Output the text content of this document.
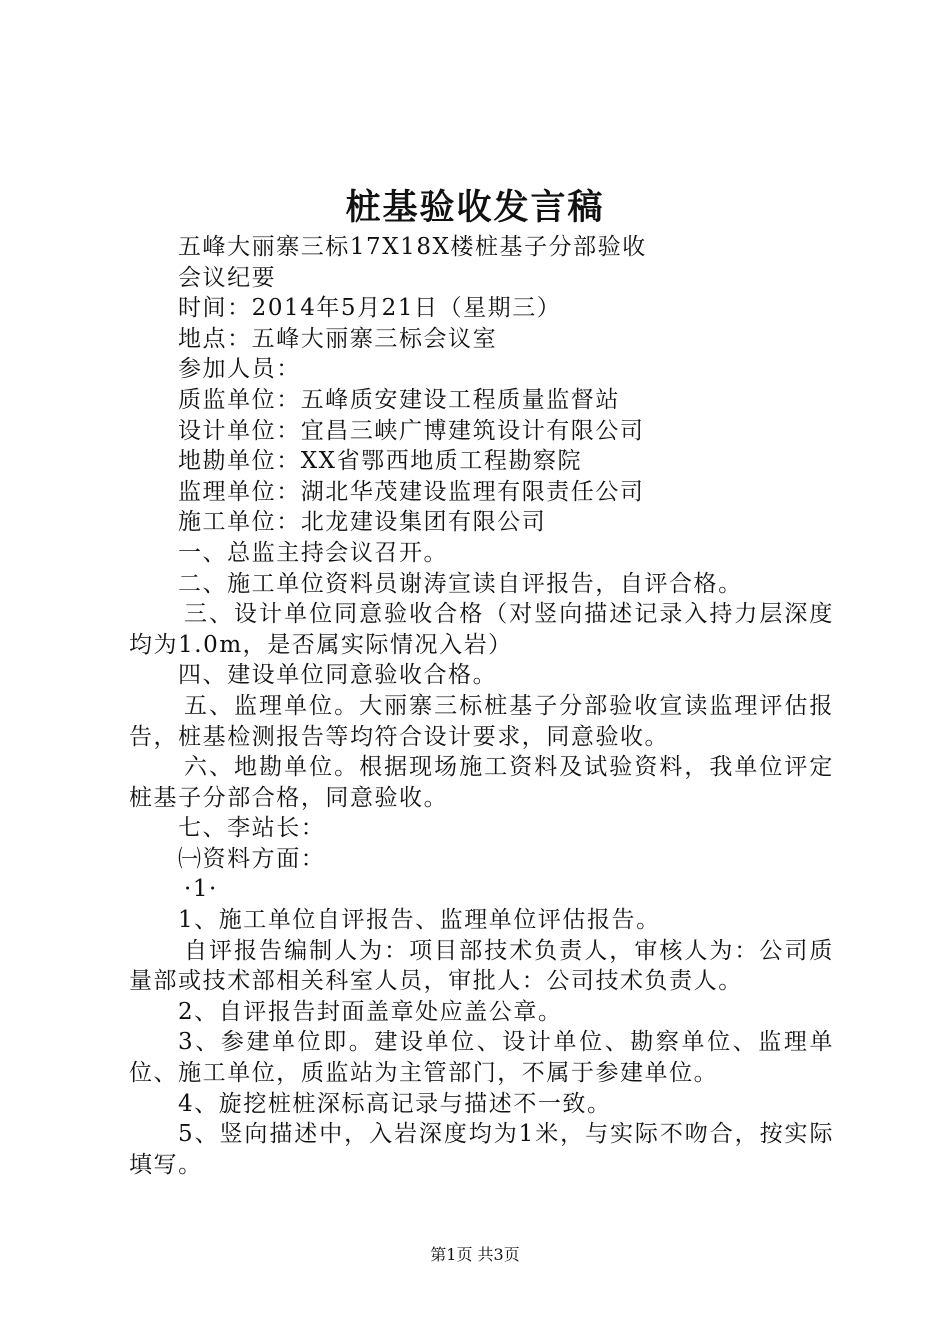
桩基验收发言稿

五峰大丽寨三标17X18X楼桩基子分部验收

会议纪要

时间：2014年5月21日（星期三）

地点：五峰大丽寨三标会议室

参加人员：

质监单位：五峰质安建设工程质量监督站

设计单位：宜昌三峡广博建筑设计有限公司

地勘单位：XX省鄂西地质工程勘察院

监理单位：湖北华茂建设监理有限责任公司

施工单位：北龙建设集团有限公司

一、总监主持会议召开。

二、施工单位资料员谢涛宣读自评报告，自评合格。

三、设计单位同意验收合格（对竖向描述记录入持力层深度均为1.0m，是否属实际情况入岩）

四、建设单位同意验收合格。

五、监理单位。大丽寨三标桩基子分部验收宣读监理评估报告，桩基检测报告等均符合设计要求，同意验收。

六、地勘单位。根据现场施工资料及试验资料，我单位评定桩基子分部合格，同意验收。

七、李站长：

㈠资料方面：

·1·

1、施工单位自评报告、监理单位评估报告。

自评报告编制人为：项目部技术负责人，审核人为：公司质量部或技术部相关科室人员，审批人：公司技术负责人。

2、自评报告封面盖章处应盖公章。

3、参建单位即。建设单位、设计单位、勘察单位、监理单位、施工单位，质监站为主管部门，不属于参建单位。

4、旋挖桩桩深标高记录与描述不一致。

5、竖向描述中，入岩深度均为1米，与实际不吻合，按实际填写。

第1页 共3页
